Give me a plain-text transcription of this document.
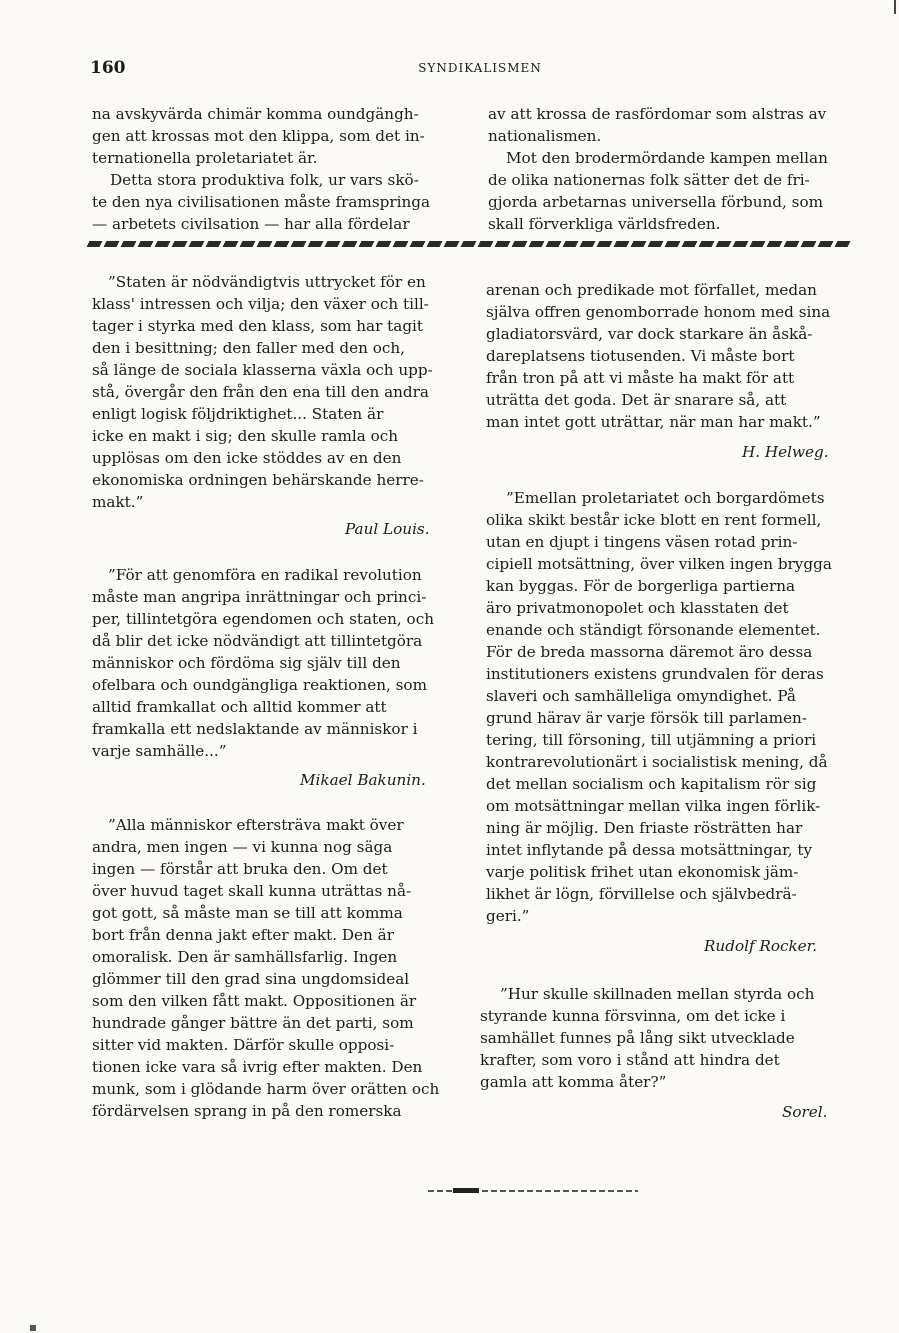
160	SYNDIKALISMEN
na avskyvärda chimär komma oundgängh-
gen att krossas mot den klippa, som det in-
ternationella proletariatet är.
Detta stora produktiva folk, ur vars skö-
te den nya civilisationen måste framspringa
— arbetets civilsation — har alla fördelar
av att krossa de rasfördomar som alstras av
nationalismen.
Mot den brodermördande kampen mellan
de olika nationernas folk sätter det de fri-
gjorda arbetarnas universella förbund, som
skall förverkliga världsfreden.
”Staten är nödvändigtvis uttrycket för en
klass' intressen och vilja; den växer och till-
tager i styrka med den klass, som har tagit
den i besittning; den faller med den och,
så länge de sociala klasserna växla och upp-
stå, övergår den från den ena till den andra
enligt logisk följdriktighet... Staten är
icke en makt i sig; den skulle ramla och
upplösas om den icke stöddes av en den
ekonomiska ordningen behärskande herre-
makt.”
Paul Louis.
”För att genomföra en radikal revolution
måste man angripa inrättningar och princi-
per, tillintetgöra egendomen och staten, och
då blir det icke nödvändigt att tillintetgöra
människor och fördöma sig själv till den
ofelbara och oundgängliga reaktionen, som
alltid framkallat och alltid kommer att
framkalla ett nedslaktande av människor i
varje samhälle...”
Mikael Bakunin.
”Alla människor eftersträva makt över
andra, men ingen — vi kunna nog säga
ingen — förstår att bruka den. Om det
över huvud taget skall kunna uträttas nå-
got gott, så måste man se till att komma
bort från denna jakt efter makt. Den är
omoralisk. Den är samhällsfarlig. Ingen
glömmer till den grad sina ungdomsideal
som den vilken fått makt. Oppositionen är
hundrade gånger bättre än det parti, som
sitter vid makten. Därför skulle opposi-
tionen icke vara så ivrig efter makten. Den
munk, som i glödande harm över orätten och
fördärvelsen sprang in på den romerska
arenan och predikade mot förfallet, medan
själva offren genomborrade honom med sina
gladiatorsvärd, var dock starkare än åskå-
dareplatsens tiotusenden. Vi måste bort
från tron på att vi måste ha makt för att
uträtta det goda. Det är snarare så, att
man intet gott uträttar, när man har makt.”
H. Helweg.
”Emellan proletariatet och borgardömets
olika skikt består icke blott en rent formell,
utan en djupt i tingens väsen rotad prin-
cipiell motsättning, över vilken ingen brygga
kan byggas. För de borgerliga partierna
äro privatmonopolet och klasstaten det
enande och ständigt försonande elementet.
För de breda massorna däremot äro dessa
institutioners existens grundvalen för deras
slaveri och samhälleliga omyndighet. På
grund härav är varje försök till parlamen-
tering, till försoning, till utjämning a priori
kontrarevolutionärt i socialistisk mening, då
det mellan socialism och kapitalism rör sig
om motsättningar mellan vilka ingen förlik-
ning är möjlig. Den friaste rösträtten har
intet inflytande på dessa motsättningar, ty
varje politisk frihet utan ekonomisk jäm-
likhet är lögn, förvillelse och självbedrä-
geri.”
Rudolf Rocker.
”Hur skulle skillnaden mellan styrda och
styrande kunna försvinna, om det icke i
samhället funnes på lång sikt utvecklade
krafter, som voro i stånd att hindra det
gamla att komma åter?”
Sorel.
